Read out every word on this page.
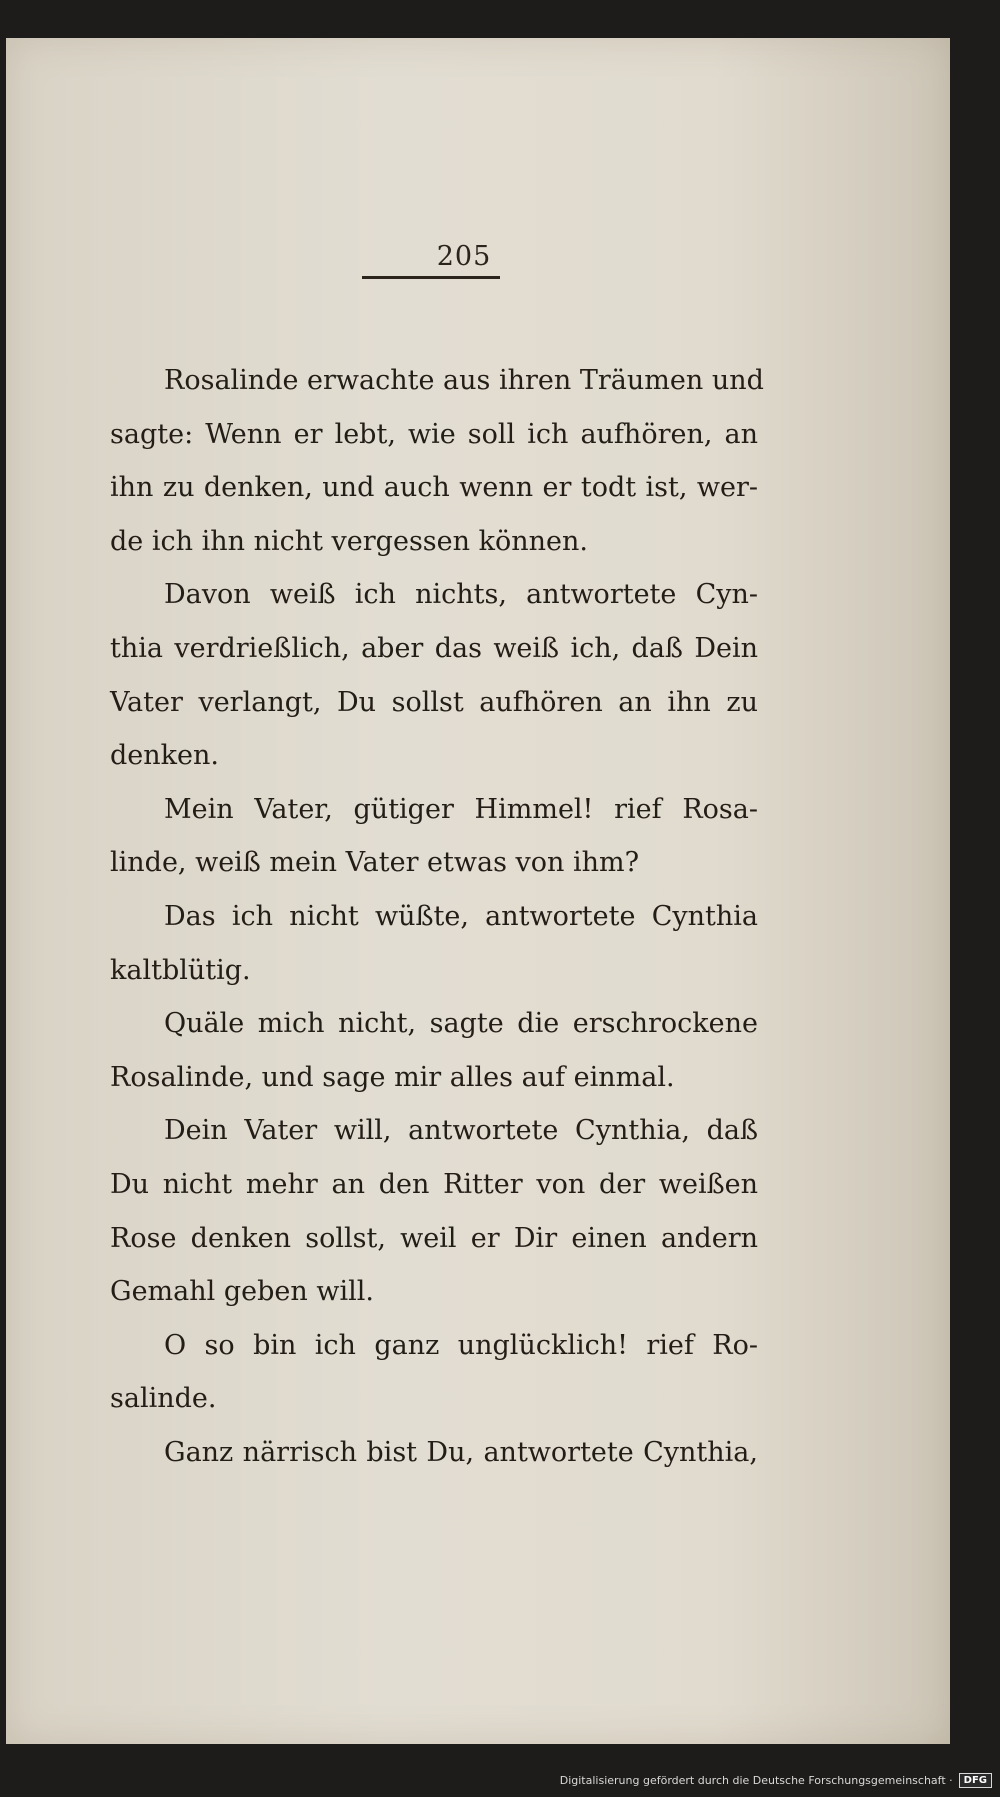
205
Rosalinde erwachte aus ihren Träumen und
sagte: Wenn er lebt, wie soll ich aufhören, an
ihn zu denken, und auch wenn er todt ist, wer-
de ich ihn nicht vergessen können.
Davon weiß ich nichts, antwortete Cyn-
thia verdrießlich, aber das weiß ich, daß Dein
Vater verlangt, Du sollst aufhören an ihn zu
denken.
Mein Vater, gütiger Himmel! rief Rosa-
linde, weiß mein Vater etwas von ihm?
Das ich nicht wüßte, antwortete Cynthia
kaltblütig.
Quäle mich nicht, sagte die erschrockene
Rosalinde, und sage mir alles auf einmal.
Dein Vater will, antwortete Cynthia, daß
Du nicht mehr an den Ritter von der weißen
Rose denken sollst, weil er Dir einen andern
Gemahl geben will.
O so bin ich ganz unglücklich! rief Ro-
salinde.
Ganz närrisch bist Du, antwortete Cynthia,
Digitalisierung gefördert durch die Deutsche Forschungsgemeinschaft ·	DFG
